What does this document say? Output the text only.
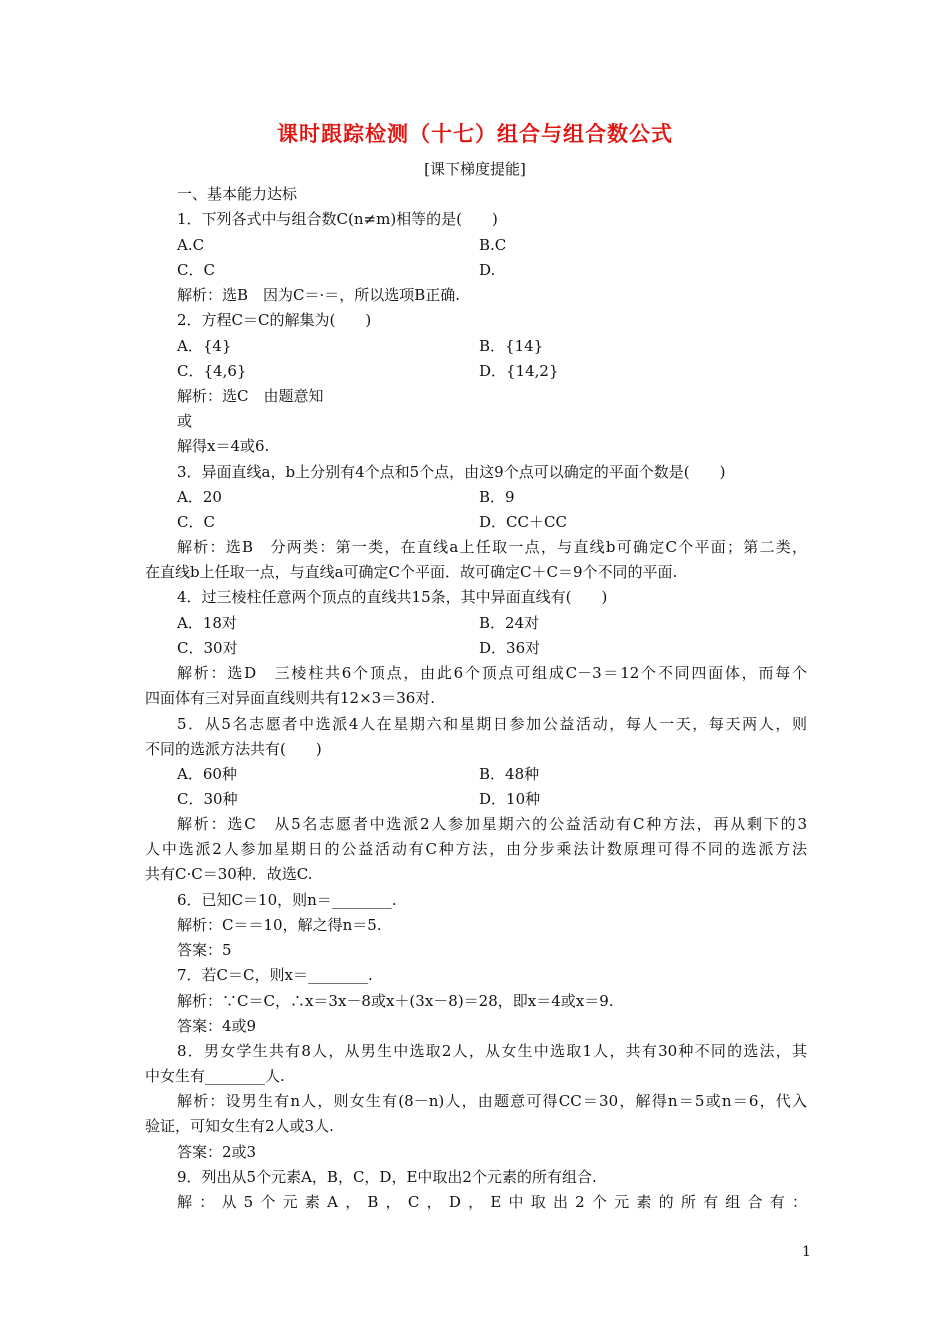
课时跟踪检测（十七）组合与组合数公式
[课下梯度提能]
一、基本能力达标
1．下列各式中与组合数C(n≠m)相等的是(　　)
A.C	B.C
C．C	D.
解析：选B　因为C＝·＝，所以选项B正确.
2．方程C＝C的解集为(　　)
A．{4}	B．{14}
C．{4,6}	D．{14,2}
解析：选C　由题意知
或
解得x＝4或6.
3．异面直线a，b上分别有4个点和5个点，由这9个点可以确定的平面个数是(　　)
A．20	B．9
C．C	D．CC＋CC
解析：选B　分两类：第一类，在直线a上任取一点，与直线b可确定C个平面；第二类，
在直线b上任取一点，与直线a可确定C个平面．故可确定C＋C＝9个不同的平面.
4．过三棱柱任意两个顶点的直线共15条，其中异面直线有(　　)
A．18对	B．24对
C．30对	D．36对
解析：选D　三棱柱共6个顶点，由此6个顶点可组成C－3＝12个不同四面体，而每个
四面体有三对异面直线则共有12×3＝36对.
5．从5名志愿者中选派4人在星期六和星期日参加公益活动，每人一天，每天两人，则
不同的选派方法共有(　　)
A．60种	B．48种
C．30种	D．10种
解析：选C　从5名志愿者中选派2人参加星期六的公益活动有C种方法，再从剩下的3
人中选派2人参加星期日的公益活动有C种方法，由分步乘法计数原理可得不同的选派方法
共有C·C＝30种．故选C.
6．已知C＝10，则n＝________.
解析：C＝＝10，解之得n＝5.
答案：5
7．若C＝C，则x＝________.
解析：∵C＝C，∴x＝3x－8或x＋(3x－8)＝28，即x＝4或x＝9.
答案：4或9
8．男女学生共有8人，从男生中选取2人，从女生中选取1人，共有30种不同的选法，其
中女生有________人.
解析：设男生有n人，则女生有(8－n)人，由题意可得CC＝30，解得n＝5或n＝6，代入
验证，可知女生有2人或3人.
答案：2或3
9．列出从5个元素A，B，C，D，E中取出2个元素的所有组合.
解：从5个元素A，B，C，D，E中取出2个元素的所有组合有：
1
